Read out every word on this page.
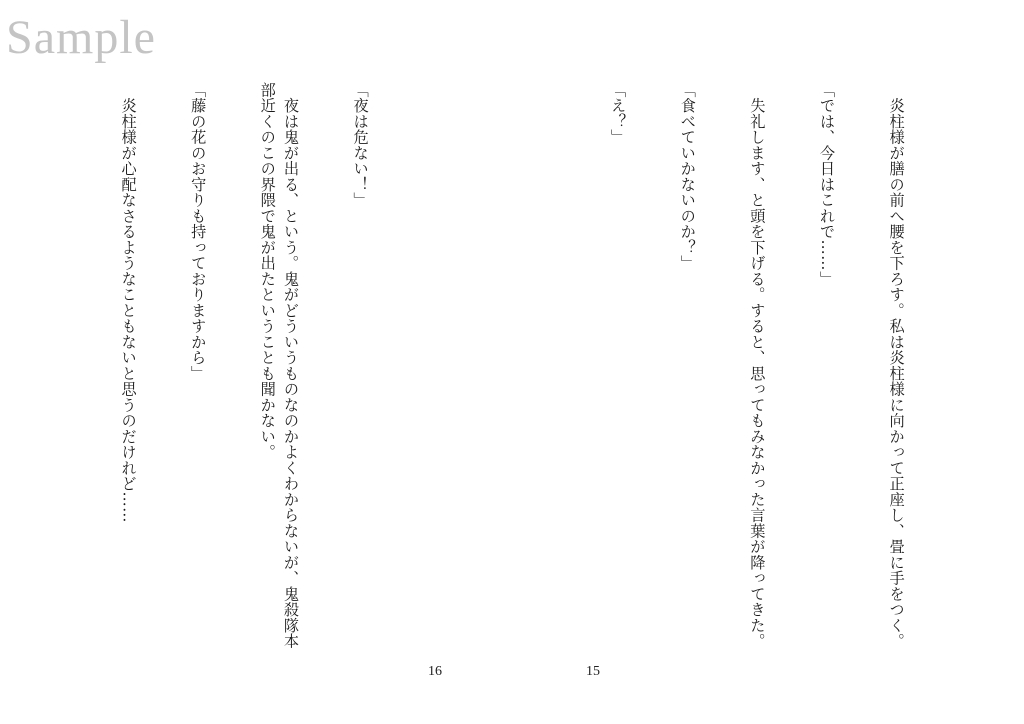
Sample

「夜は危ない！」

　夜は鬼が出る、という。鬼がどういうものなのかよくわからないが、鬼殺隊本部近くのこの界隈で鬼が出たということも聞かない。

「藤の花のお守りも持っておりますから」

　炎柱様が心配なさるようなこともないと思うのだけれど……

16

　炎柱様が膳の前へ腰を下ろす。私は炎柱様に向かって正座し、畳に手をつく。

「では、今日はこれで……」

　失礼します、と頭を下げる。すると、思ってもみなかった言葉が降ってきた。

「食べていかないのか？」

「え？」

15
